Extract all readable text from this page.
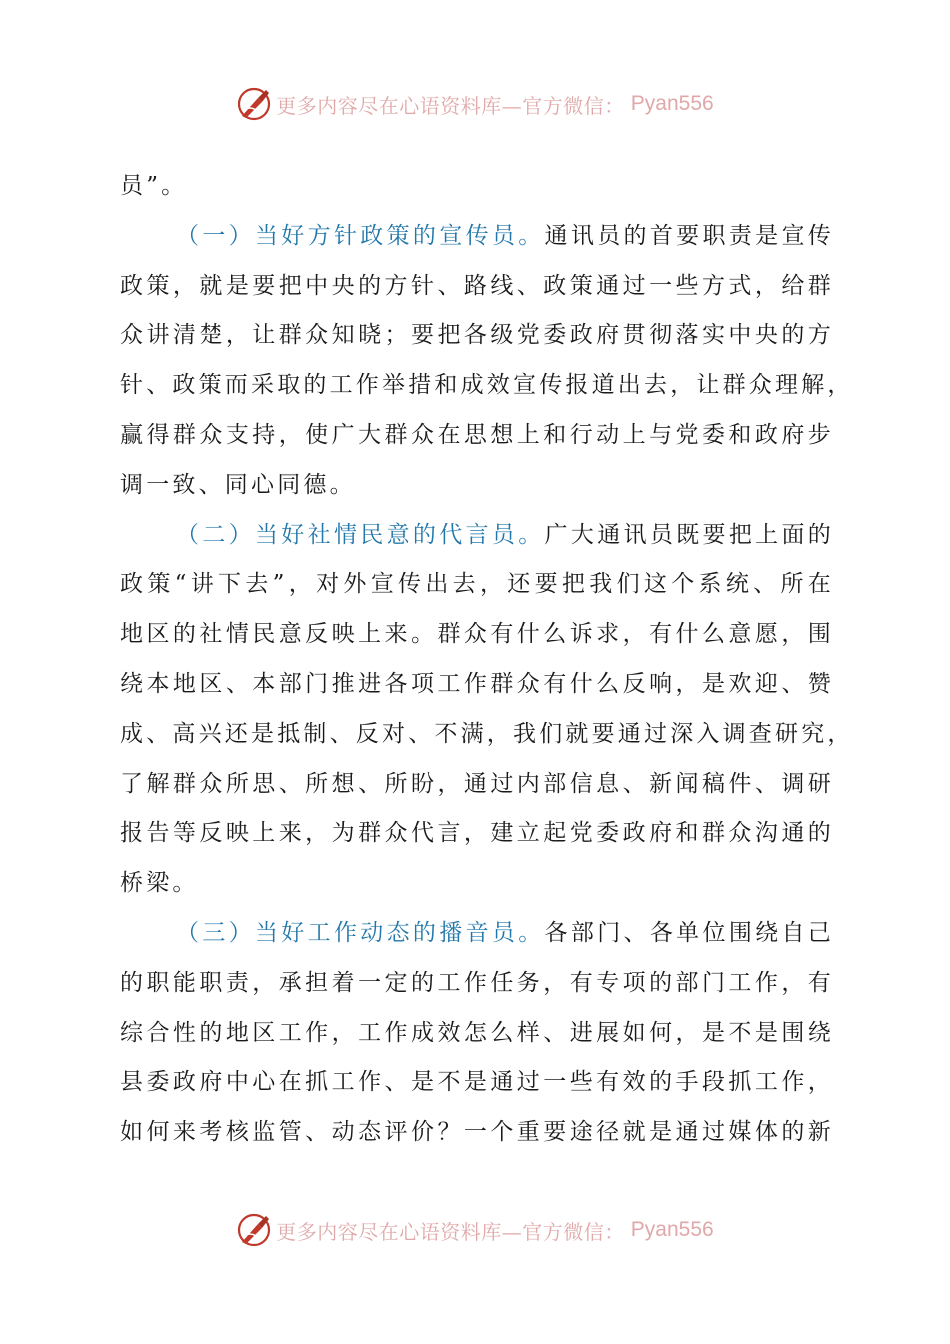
更多内容尽在心语资料库—官方微信： Pyan556
员”。
（一）当好方针政策的宣传员。通讯员的首要职责是宣传
政策，就是要把中央的方针、路线、政策通过一些方式，给群
众讲清楚，让群众知晓；要把各级党委政府贯彻落实中央的方
针、政策而采取的工作举措和成效宣传报道出去，让群众理解，
赢得群众支持，使广大群众在思想上和行动上与党委和政府步
调一致、同心同德。
（二）当好社情民意的代言员。广大通讯员既要把上面的
政策“讲下去”，对外宣传出去，还要把我们这个系统、所在
地区的社情民意反映上来。群众有什么诉求，有什么意愿，围
绕本地区、本部门推进各项工作群众有什么反响，是欢迎、赞
成、高兴还是抵制、反对、不满，我们就要通过深入调查研究，
了解群众所思、所想、所盼，通过内部信息、新闻稿件、调研
报告等反映上来，为群众代言，建立起党委政府和群众沟通的
桥梁。
（三）当好工作动态的播音员。各部门、各单位围绕自己
的职能职责，承担着一定的工作任务，有专项的部门工作，有
综合性的地区工作，工作成效怎么样、进展如何，是不是围绕
县委政府中心在抓工作、是不是通过一些有效的手段抓工作，
如何来考核监管、动态评价？一个重要途径就是通过媒体的新
更多内容尽在心语资料库—官方微信： Pyan556
